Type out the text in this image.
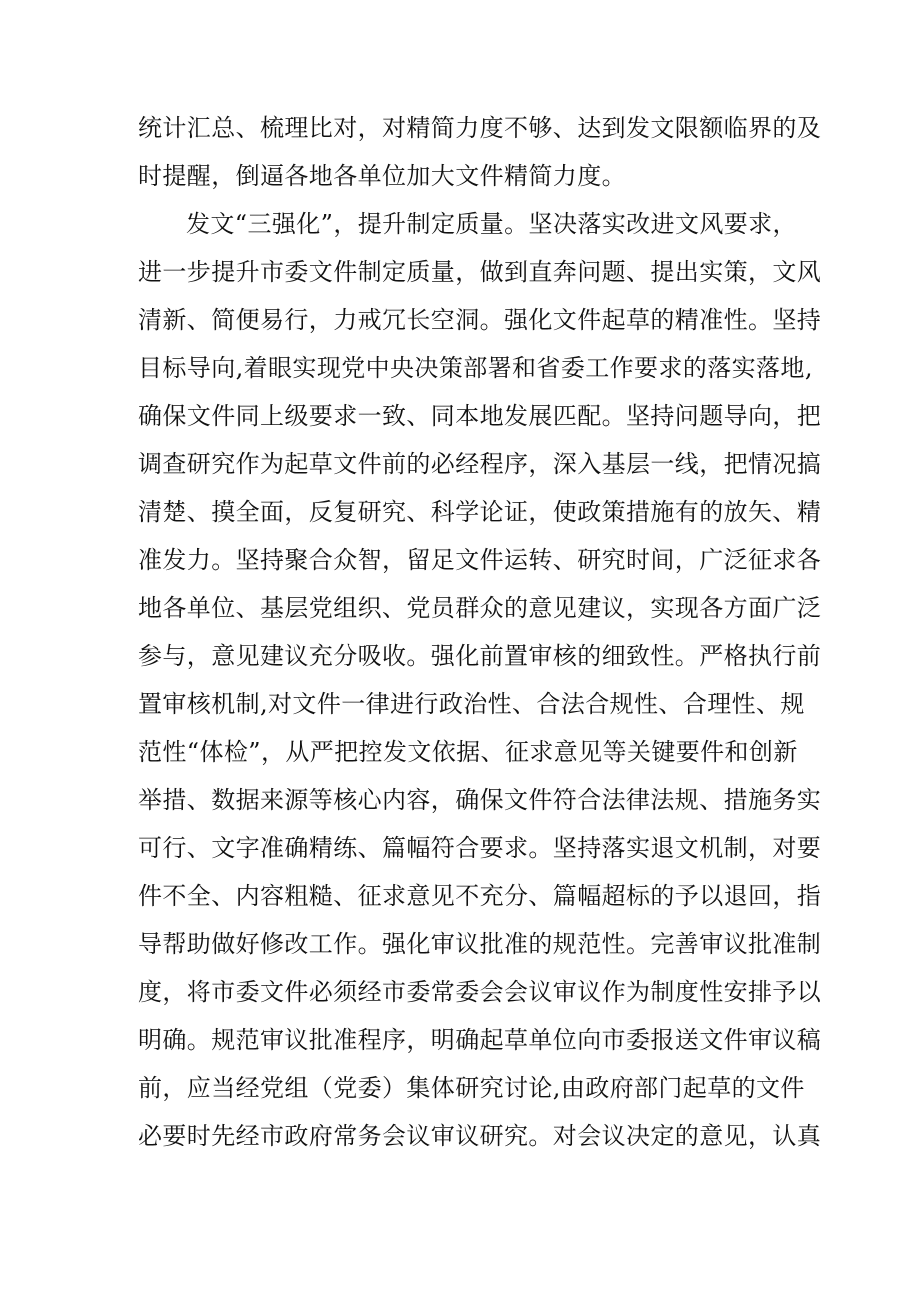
统计汇总、梳理比对，对精简力度不够、达到发文限额临界的及
时提醒，倒逼各地各单位加大文件精简力度。
发文“三强化”，提升制定质量。坚决落实改进文风要求，
进一步提升市委文件制定质量，做到直奔问题、提出实策，文风
清新、简便易行，力戒冗长空洞。强化文件起草的精准性。坚持
目标导向,着眼实现党中央决策部署和省委工作要求的落实落地,
确保文件同上级要求一致、同本地发展匹配。坚持问题导向，把
调查研究作为起草文件前的必经程序，深入基层一线，把情况搞
清楚、摸全面，反复研究、科学论证，使政策措施有的放矢、精
准发力。坚持聚合众智，留足文件运转、研究时间，广泛征求各
地各单位、基层党组织、党员群众的意见建议，实现各方面广泛
参与，意见建议充分吸收。强化前置审核的细致性。严格执行前
置审核机制,对文件一律进行政治性、合法合规性、合理性、规
范性“体检”，从严把控发文依据、征求意见等关键要件和创新
举措、数据来源等核心内容，确保文件符合法律法规、措施务实
可行、文字准确精练、篇幅符合要求。坚持落实退文机制，对要
件不全、内容粗糙、征求意见不充分、篇幅超标的予以退回，指
导帮助做好修改工作。强化审议批准的规范性。完善审议批准制
度，将市委文件必须经市委常委会会议审议作为制度性安排予以
明确。规范审议批准程序，明确起草单位向市委报送文件审议稿
前，应当经党组（党委）集体研究讨论,由政府部门起草的文件
必要时先经市政府常务会议审议研究。对会议决定的意见，认真
